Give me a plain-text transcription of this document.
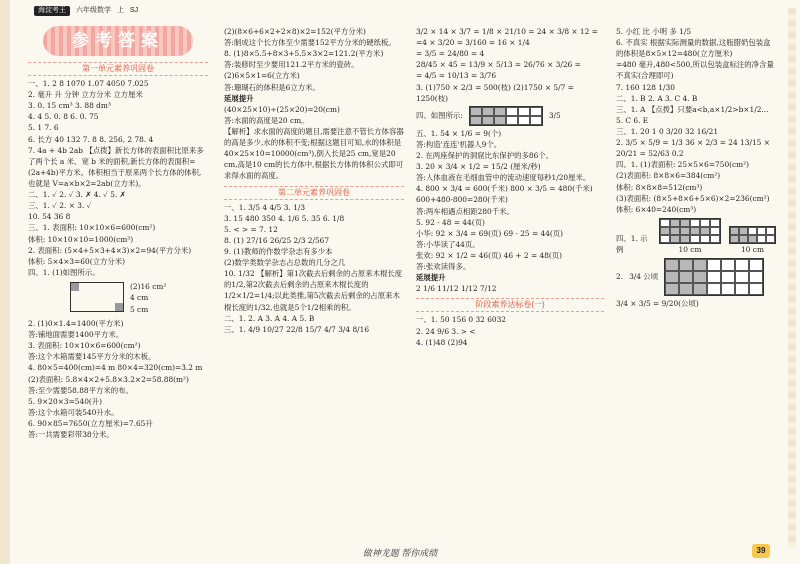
海淀考王	六年级数学 上 SJ
参考答案
第一单元素养巩固卷
一、1. 2 8 1070 1.07 4050 7.025
2. 毫升 升 分钟 立方分米 立方厘米
3. 0. 15 cm³ 3. 88 dm³
4. 4 5. 0. 8 6. 0. 75
5. 1 7. 6
6. 长方 40 132 7. 8 8. 256, 2 78. 4
7. 4a + 4b 2ab 【点拨】新长方体的表面积比原来多了两个长 a 米、宽 b 米的面积,新长方体的表面积=
(2a+4b)平方米。体积相当于原来两个长方体的体积, 也就是 V=a×b×2=2ab(立方米)。
二、1. ✓ 2. ✓ 3. ✗ 4. ✓ 5. ✗
三、1. ✓ 2. × 3. ✓
10. 54 36 8
三、1. 表面积: 10×10×6=600(cm²)
体积: 10×10×10=1000(cm³)
2. 表面积: (5×4+5×3+4×3)×2=94(平方分米)
体积: 5×4×3=60(立方分米)
四、1. (1)如图所示。
(2)16 cm²
4 cm
5 cm
2. (1)0×1.4=1400(平方米)
答:铺地面需要1400平方米。
3. 表面积: 10×10×6=600(cm²)
答:这个木箱需要145平方分米的木板。
4. 80×5=400(cm)=4 m 80×4=320(cm)=3.2 m
(2)表面积: 5.8×4×2+5.8×3.2×2=58.88(m²)
答:至少需要58.88平方米的布。
5. 9×20×3=540(升)
答:这个水箱可装540升水。
6. 90×85=7650(立方厘米)=7.65升
答:一共需要彩带38分米。
(2)(8×6+6×2+2×8)×2=152(平方分米)
答:制成这个长方体至少需要152平方分米的硬纸板。
8. (1)8×5.5+8×3+5.5×3×2=121.2(平方米)
答:装修时至少要用121.2平方米的瓷砖。
(2)6×5×1=6(立方米)
答:珊瑚石的体积是6立方米。
延展提升
(40×25×10)÷(25×20)=20(cm)
答:水面的高度是20 cm。
【解析】求水面的高度的题目,需要注意不管长方体容器的高是多少,水的体积不变;根据这题目可知,水的体积是40×25×10=10000(cm³),倒入长是25 cm,宽是20 cm,高是10 cm的长方体中,根据长方体的体积公式即可求得水面的高度。
第二单元素养巩固卷
一、1. 3/5 4 4/5 3. 1/3
3. 15 480 350 4. 1/6 5. 35 6. 1/8
5. < > = 7. 12
8. (1) 27/16 26/25 2/3 2/567
9. (1)教师的作数学杂志有多少本
(2)数学类数学杂志占总数的几分之几
10. 1/32 【解析】第1次截去后剩余的占原来木棍长度的1/2,第2次截去后剩余的占原来木棍长度的1/2×1/2=1/4;以此类推,第5次截去后剩余的占原来木棍长度的1/32,也就是5个1/2相乘的积。
二、1. 2. A 3. A 4. A 5. B
三、1. 4/9 10/27 22/8 15/7 4/7 3/4 8/16
3/2 × 14 × 3/7 = 1/8 × 21/10 = 24 × 3/8 × 12 =
=4 × 3/20 = 3/160 = 16 × 1/4
= 3/5 = 24/80 = 4
28/45 × 45 = 13/9 × 5/13 = 26/76 × 3/26 =
= 4/5 = 10/13 = 3/76
3. (1)750 × 2/3 = 500(枝) (2)1750 × 5/7 = 1250(枝)
四、如图所示:	3/5
五、1. 54 × 1/6 = 9(个)
答:构造'连连'机器人9个。
2. 在两座保护的洞窟比东保护的多86个。
3. 20 × 3/4 × 1/2 = 15/2 (厘米/秒)
答:人体血液在毛细血管中的流动速度每秒1/20厘米。
4. 800 × 3/4 = 600(千米) 800 × 3/5 = 480(千米)
600+480-800=280(千米)
答:两车相遇点相距280千米。
5. 92 - 48 = 44(页)
小华: 92 × 3/4 = 69(页) 69 - 25 = 44(页)
答:小华读了44页。
张欢: 92 × 1/2 = 46(页) 46 + 2 = 48(页)
答:张欢读得多。
延展提升
2 1/6 11/12 1/12 7/12
阶段素养达标卷(一)
一、1. 50 156 0 32 6032
2. 24 9/6 3. > <
4. (1)48 (2)94
5. 小红 比 小明 多 1/5
6. 不真实 根据实际测量的数据,这瓶腊奶包装盒的体积是8×5×12=480(立方厘米)
=480 毫升,480<500,所以包装盒标注的净含量不真实(合理即可)
7. 160 128 1/30
二、1. B 2. A 3. C 4. B
三、1. A 【点拨】只要a<b,a×1/2>b×1/2...
5. C 6. E
三、1. 20 1 0 3/20 32 16/21
2. 3/5 × 5/9 = 1/3 36 × 2/3 = 24 13/15 × 20/21 = 52/63 0.2
四、1. (1)表面积: 25×5×6=750(cm²)
(2)表面积: 8×8×6=384(cm²)
体积: 8×8×8=512(cm³)
(3)表面积: (8×5+8×6+5×6)×2=236(cm²)
体积: 6×40=240(cm³)
四、1. 示例	10 cm	10 cm
2. 3/4 公顷
3/4 × 3/5 = 9/20(公顷)
做神龙题 帮你成绩	39
